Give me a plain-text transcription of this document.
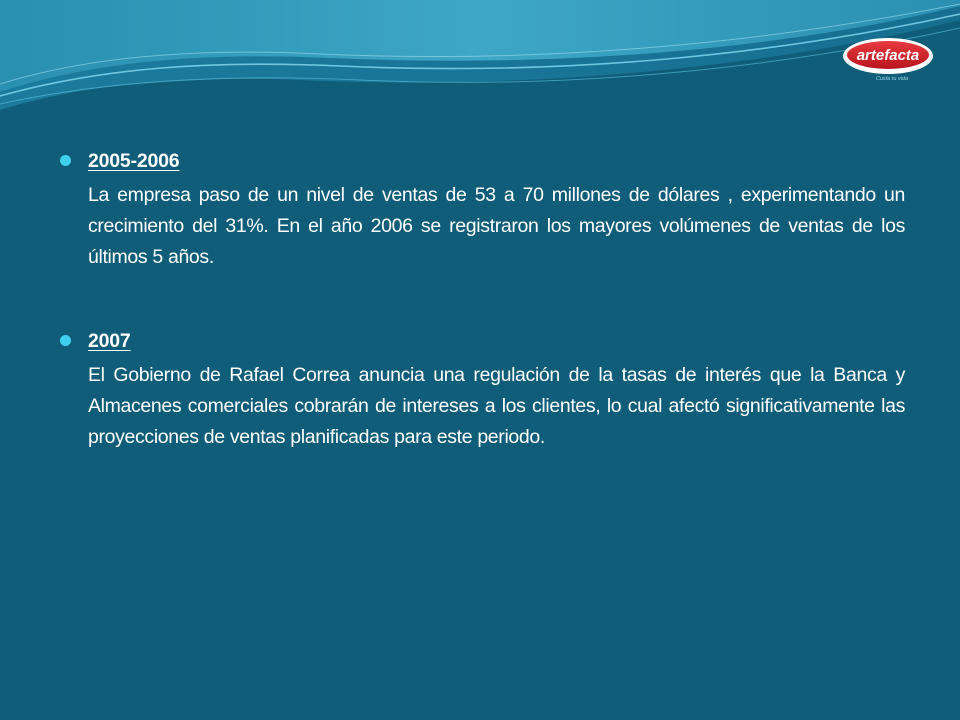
artefacta
Cuida tu vida
2005-2006
La empresa paso de un nivel de ventas de 53 a 70 millones de dólares , experimentando un crecimiento del 31%. En el año 2006 se registraron los mayores volúmenes de ventas de los últimos 5 años.
2007
El Gobierno de Rafael Correa anuncia una regulación de la tasas de interés que la Banca y Almacenes comerciales cobrarán de intereses a los clientes, lo cual afectó significativamente las proyecciones de ventas planificadas para este periodo.
